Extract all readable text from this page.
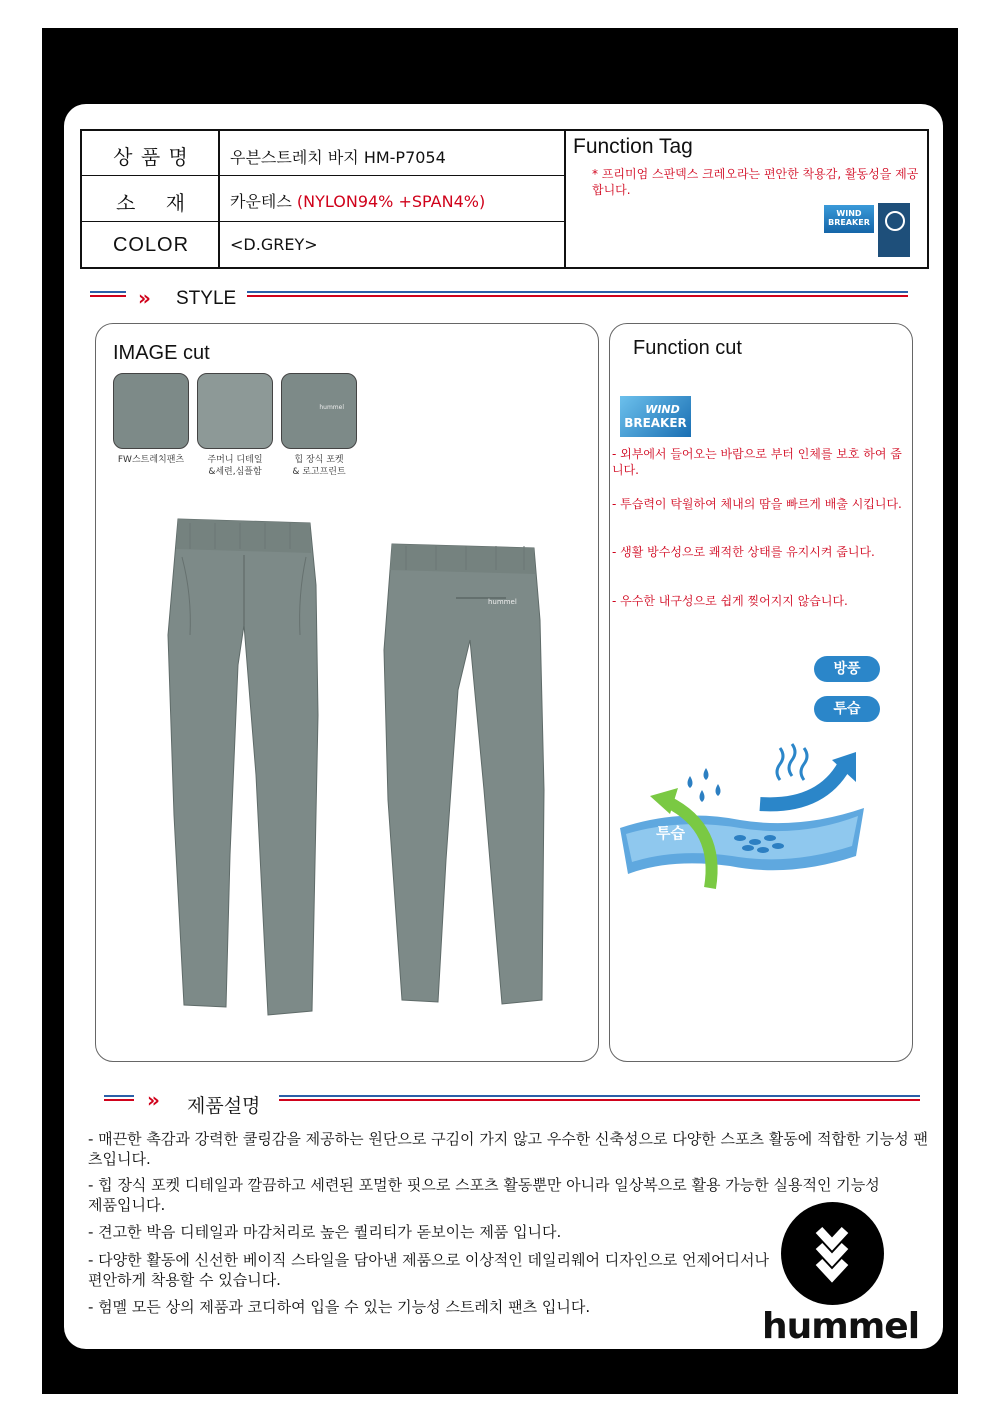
상 품 명	우븐스트레치 바지 HM-P7054
소    재	카운테스 (NYLON94% +SPAN4%)
COLOR	<D.GREY>
Function Tag
* 프리미엄 스판덱스 크레오라는 편안한 착용감, 활동성을 제공 합니다.
WIND BREAKER
» STYLE
IMAGE cut
hummel
FW스트레치팬츠	주머니 디테일
&세련,심플함
힙 장식 포켓
& 로고프린트
hummel
Function cut
WIND
BREAKER
- 외부에서 들어오는 바람으로 부터 인체를 보호 하여 줍니다.
- 투습력이 탁월하여 체내의 땀을 빠르게 배출 시킵니다.
- 생활 방수성으로 쾌적한 상태를 유지시켜 줍니다.
- 우수한 내구성으로 쉽게 찢어지지 않습니다.
방풍
투습
투습
» 제품설명
- 매끈한 촉감과 강력한 쿨링감을 제공하는 원단으로 구김이 가지 않고 우수한 신축성으로 다양한 스포츠 활동에 적합한 기능성 팬츠입니다.
- 힙 장식 포켓 디테일과 깔끔하고 세련된 포멀한 핏으로 스포츠 활동뿐만 아니라 일상복으로 활용 가능한 실용적인 기능성 제품입니다.
- 견고한 박음 디테일과 마감처리로 높은 퀄리티가 돋보이는 제품 입니다.
- 다양한 활동에 신선한 베이직 스타일을 담아낸 제품으로 이상적인 데일리웨어 디자인으로 언제어디서나 편안하게 착용할 수 있습니다.
- 험멜 모든 상의 제품과 코디하여 입을 수 있는 기능성 스트레치 팬츠 입니다.	hummel
